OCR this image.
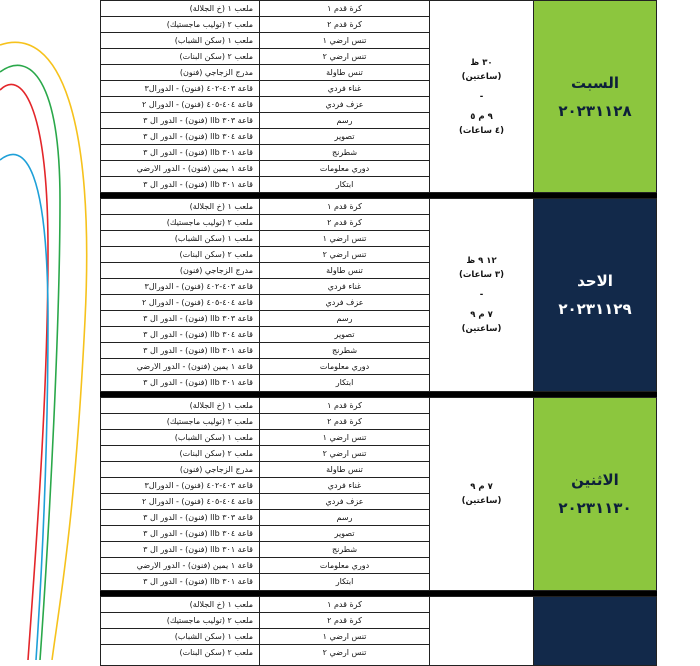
ملعب ١ (خ الجلالة)
ملعب ٢ (توليب ماجستيك)
ملعب ١ (سكن الشباب)
ملعب ٢ (سكن البنات)
مدرج الزجاجي (فنون)
قاعة ٤٠٣-٤٠٢ (فنون) - الدورال٣
قاعة ٤٠٤-٤٠٥ (فنون) - الدورال ٢
قاعة ٣٠٣ llb (فنون) - الدور ال ٣
قاعة ٣٠٤ llb (فنون) - الدور ال ٣
قاعة ٣٠١ llb (فنون) - الدور ال ٣
قاعة ١ يمين (فنون) - الدور الارضي
قاعة ٣٠١ llb (فنون) - الدور ال ٣
كرة قدم ١
كرة قدم ٢
تنس ارضي ١
تنس ارضي ٢
تنس طاولة
غناء فردي
عزف فردي
رسم
تصوير
شطرنج
دوري معلومات
ابتكار
٣٠ ظ
(ساعتين)
-
٩ م ٥
(٤ ساعات)
السبت
٢٠٢٣١١٢٨
ملعب ١ (خ الجلالة)
ملعب ٢ (توليب ماجستيك)
ملعب ١ (سكن الشباب)
ملعب ٢ (سكن البنات)
مدرج الزجاجي (فنون)
قاعة ٤٠٣-٤٠٢ (فنون) - الدورال٣
قاعة ٤٠٤-٤٠٥ (فنون) - الدورال ٢
قاعة ٣٠٣ llb (فنون) - الدور ال ٣
قاعة ٣٠٤ llb (فنون) - الدور ال ٣
قاعة ٣٠١ llb (فنون) - الدور ال ٣
قاعة ١ يمين (فنون) - الدور الارضي
قاعة ٣٠١ llb (فنون) - الدور ال ٣
كرة قدم ١
كرة قدم ٢
تنس ارضي ١
تنس ارضي ٢
تنس طاولة
غناء فردي
عزف فردي
رسم
تصوير
شطرنج
دوري معلومات
ابتكار
١٢ ٩ ظ
(٣ ساعات)
-
٧ م ٩
(ساعتين)
الاحد
٢٠٢٣١١٢٩
ملعب ١ (خ الجلالة)
ملعب ٢ (توليب ماجستيك)
ملعب ١ (سكن الشباب)
ملعب ٢ (سكن البنات)
مدرج الزجاجي (فنون)
قاعة ٤٠٣-٤٠٢ (فنون) - الدورال٣
قاعة ٤٠٤-٤٠٥ (فنون) - الدورال ٢
قاعة ٣٠٣ llb (فنون) - الدور ال ٣
قاعة ٣٠٤ llb (فنون) - الدور ال ٣
قاعة ٣٠١ llb (فنون) - الدور ال ٣
قاعة ١ يمين (فنون) - الدور الارضي
قاعة ٣٠١ llb (فنون) - الدور ال ٣
كرة قدم ١
كرة قدم ٢
تنس ارضي ١
تنس ارضي ٢
تنس طاولة
غناء فردي
عزف فردي
رسم
تصوير
شطرنج
دوري معلومات
ابتكار
٧ م ٩
(ساعتين)
الاثنين
٢٠٢٣١١٣٠
ملعب ١ (خ الجلالة)
ملعب ٢ (توليب ماجستيك)
ملعب ١ (سكن الشباب)
ملعب ٢ (سكن البنات)
كرة قدم ١
كرة قدم ٢
تنس ارضي ١
تنس ارضي ٢
